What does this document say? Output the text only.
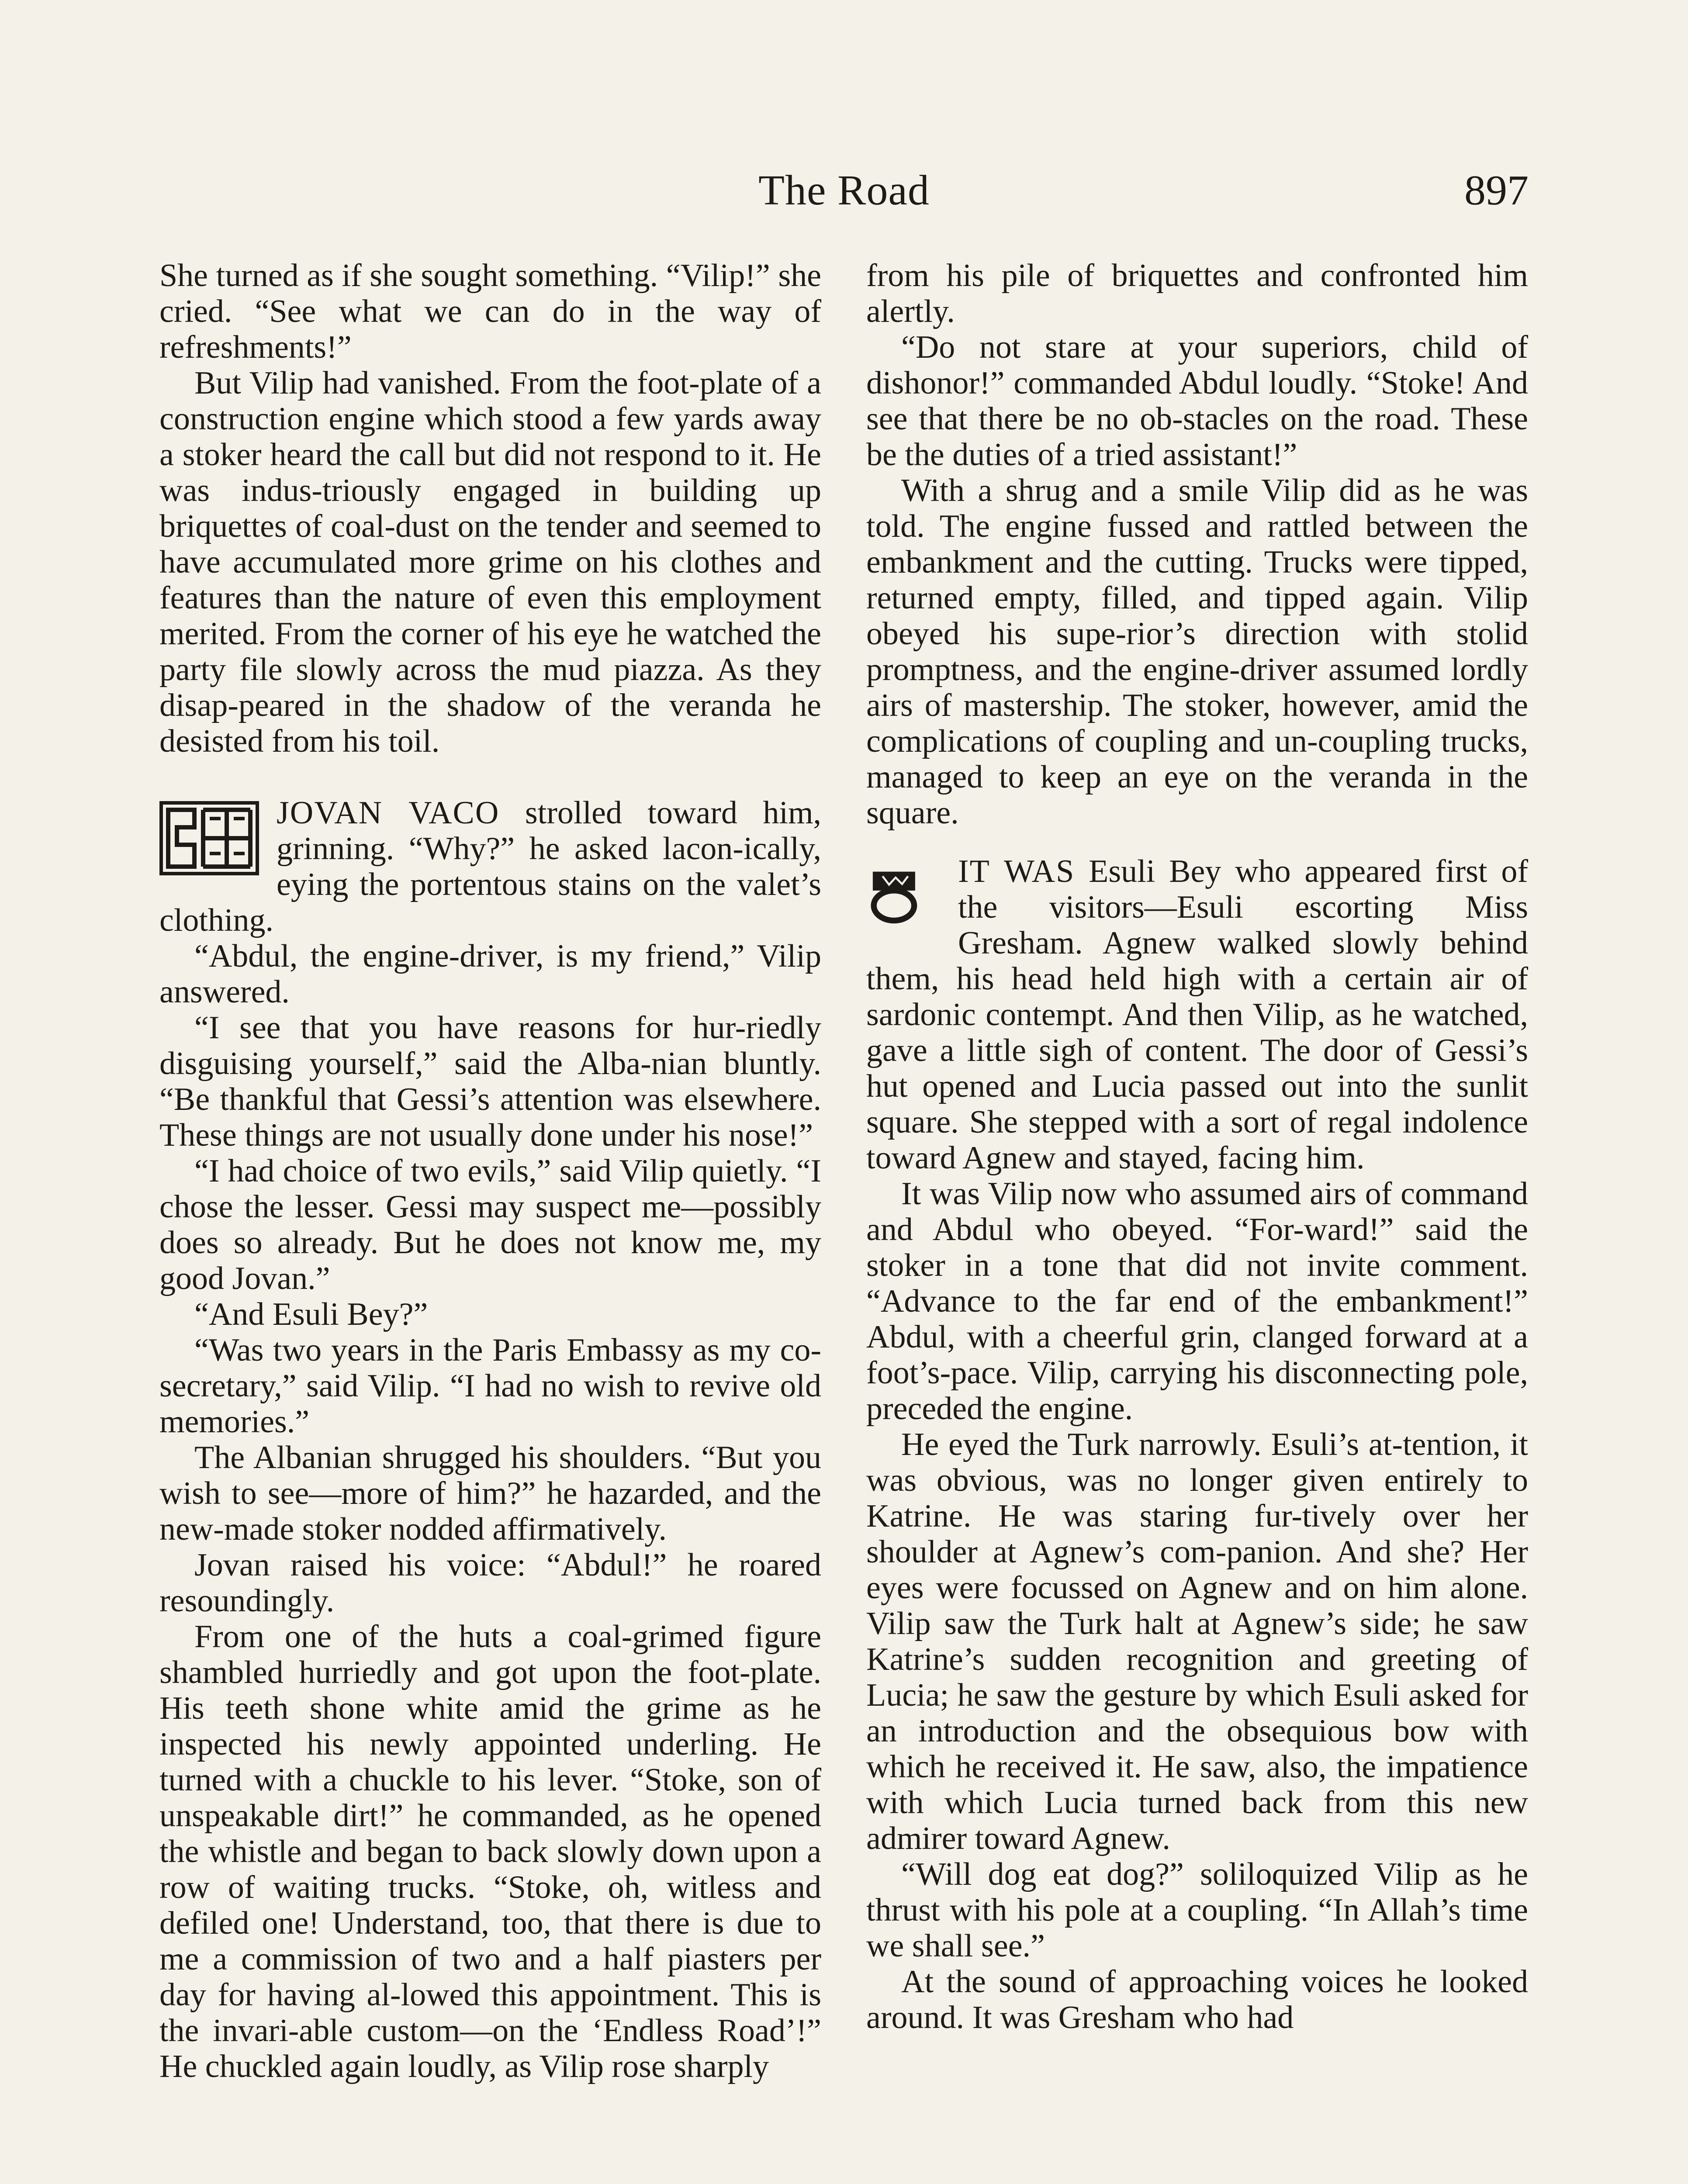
The Road	897

She turned as if she sought something. “Vilip!” she cried. “See what we can do in the way of refreshments!”

But Vilip had vanished. From the foot-plate of a construction engine which stood a few yards away a stoker heard the call but did not respond to it. He was indus-triously engaged in building up briquettes of coal-dust on the tender and seemed to have accumulated more grime on his clothes and features than the nature of even this employment merited. From the corner of his eye he watched the party file slowly across the mud piazza. As they disap-peared in the shadow of the veranda he desisted from his toil.

JOVAN VACO strolled toward him, grinning. “Why?” he asked lacon-ically, eying the portentous stains on the valet’s clothing.

“Abdul, the engine-driver, is my friend,” Vilip answered.

“I see that you have reasons for hur-riedly disguising yourself,” said the Alba-nian bluntly. “Be thankful that Gessi’s attention was elsewhere. These things are not usually done under his nose!”

“I had choice of two evils,” said Vilip quietly. “I chose the lesser. Gessi may suspect me—possibly does so already. But he does not know me, my good Jovan.”

“And Esuli Bey?”

“Was two years in the Paris Embassy as my co-secretary,” said Vilip. “I had no wish to revive old memories.”

The Albanian shrugged his shoulders. “But you wish to see—more of him?” he hazarded, and the new-made stoker nodded affirmatively.

Jovan raised his voice: “Abdul!” he roared resoundingly.

From one of the huts a coal-grimed figure shambled hurriedly and got upon the foot-plate. His teeth shone white amid the grime as he inspected his newly appointed underling. He turned with a chuckle to his lever. “Stoke, son of unspeakable dirt!” he commanded, as he opened the whistle and began to back slowly down upon a row of waiting trucks. “Stoke, oh, witless and defiled one! Understand, too, that there is due to me a commission of two and a half piasters per day for having al-lowed this appointment. This is the invari-able custom—on the ‘Endless Road’!” He chuckled again loudly, as Vilip rose sharply

from his pile of briquettes and confronted him alertly.

“Do not stare at your superiors, child of dishonor!” commanded Abdul loudly. “Stoke! And see that there be no ob-stacles on the road. These be the duties of a tried assistant!”

With a shrug and a smile Vilip did as he was told. The engine fussed and rattled between the embankment and the cutting. Trucks were tipped, returned empty, filled, and tipped again. Vilip obeyed his supe-rior’s direction with stolid promptness, and the engine-driver assumed lordly airs of mastership. The stoker, however, amid the complications of coupling and un-coupling trucks, managed to keep an eye on the veranda in the square.

IT WAS Esuli Bey who appeared first of the visitors—Esuli escorting Miss Gresham. Agnew walked slowly behind them, his head held high with a certain air of sardonic contempt. And then Vilip, as he watched, gave a little sigh of content. The door of Gessi’s hut opened and Lucia passed out into the sunlit square. She stepped with a sort of regal indolence toward Agnew and stayed, facing him.

It was Vilip now who assumed airs of command and Abdul who obeyed. “For-ward!” said the stoker in a tone that did not invite comment. “Advance to the far end of the embankment!” Abdul, with a cheerful grin, clanged forward at a foot’s-pace. Vilip, carrying his disconnecting pole, preceded the engine.

He eyed the Turk narrowly. Esuli’s at-tention, it was obvious, was no longer given entirely to Katrine. He was staring fur-tively over her shoulder at Agnew’s com-panion. And she? Her eyes were focussed on Agnew and on him alone. Vilip saw the Turk halt at Agnew’s side; he saw Katrine’s sudden recognition and greeting of Lucia; he saw the gesture by which Esuli asked for an introduction and the obsequious bow with which he received it. He saw, also, the impatience with which Lucia turned back from this new admirer toward Agnew.

“Will dog eat dog?” soliloquized Vilip as he thrust with his pole at a coupling. “In Allah’s time we shall see.”

At the sound of approaching voices he looked around. It was Gresham who had
